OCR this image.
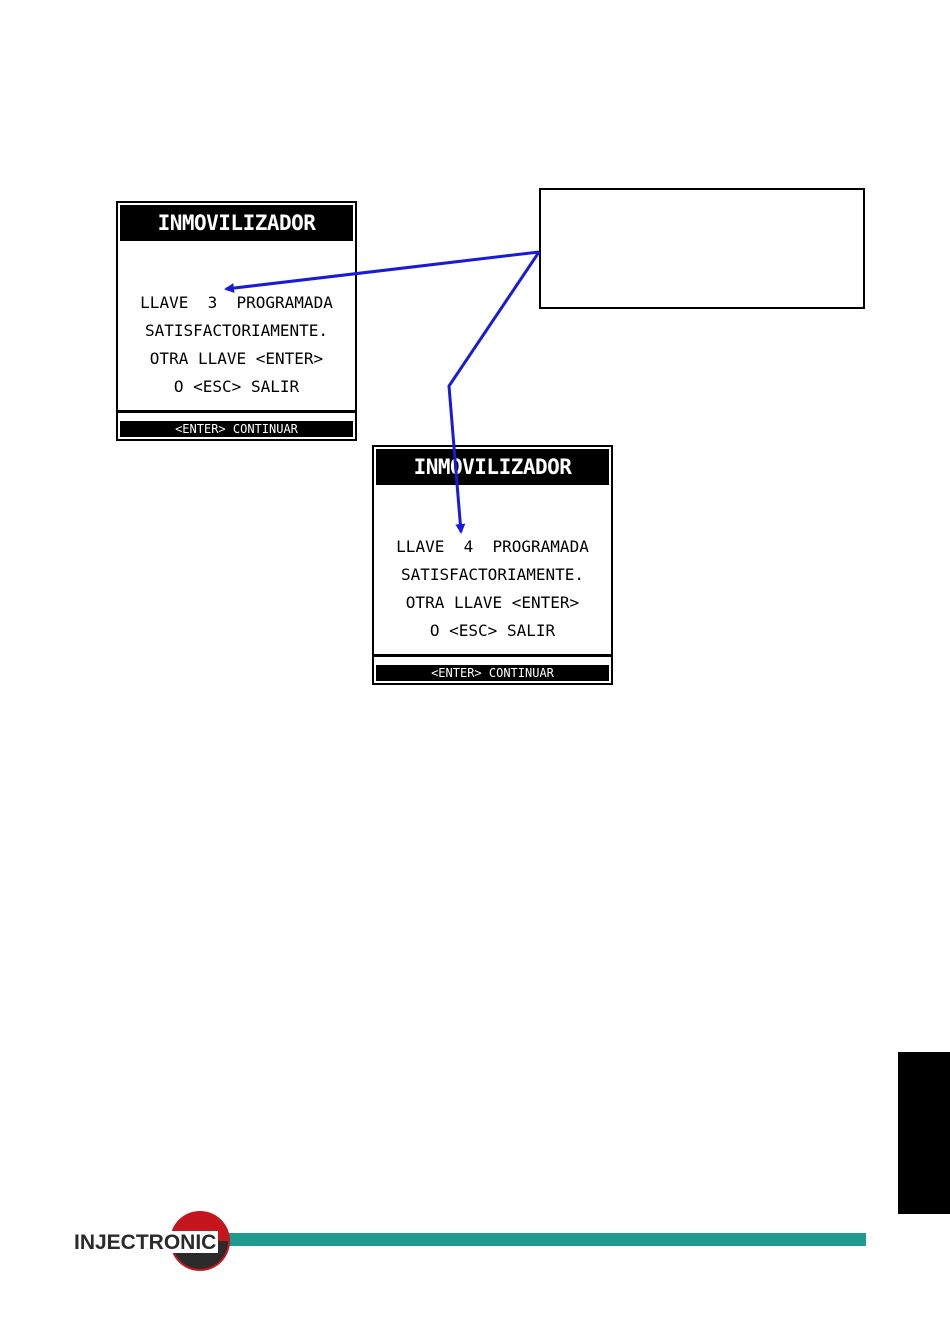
INMOVILIZADOR
LLAVE  3  PROGRAMADA
SATISFACTORIAMENTE.
OTRA LLAVE <ENTER>
O <ESC> SALIR
<ENTER> CONTINUAR
INMOVILIZADOR
LLAVE  4  PROGRAMADA
SATISFACTORIAMENTE.
OTRA LLAVE <ENTER>
O <ESC> SALIR
<ENTER> CONTINUAR
INJECTRONIC
